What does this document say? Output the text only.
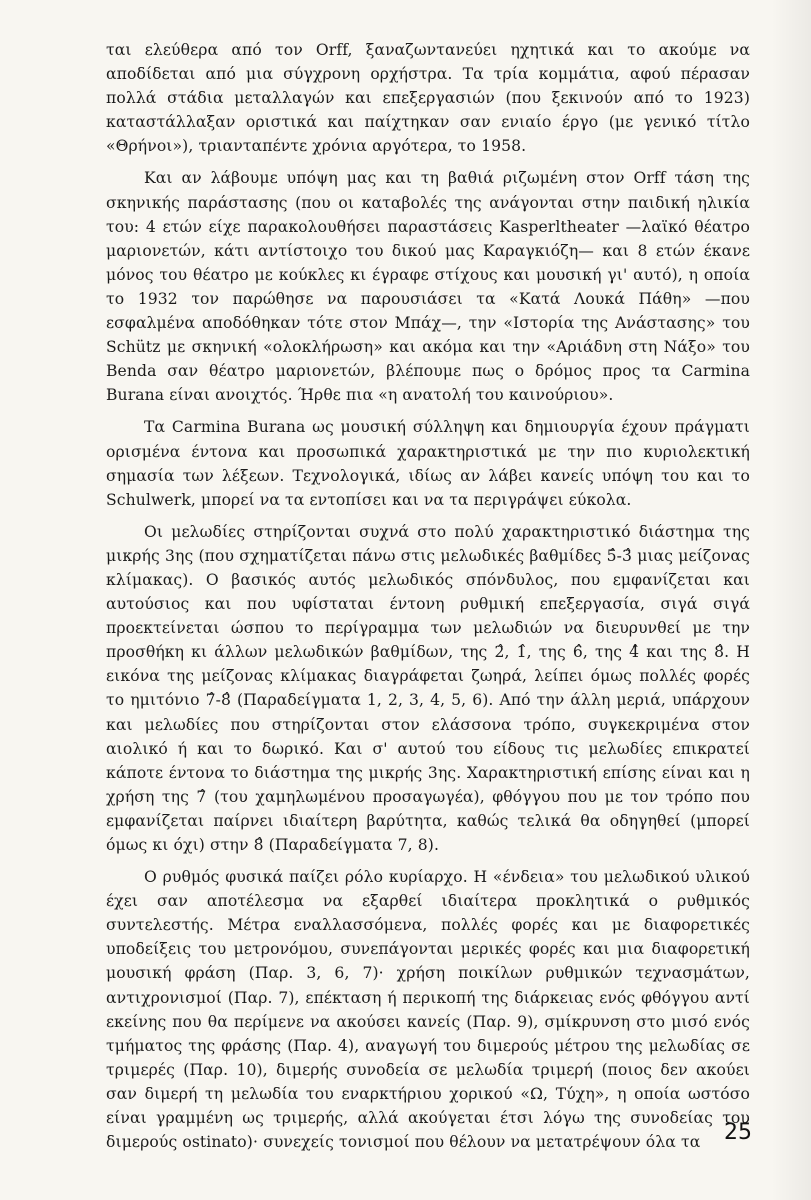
ται ελεύθερα από τον Orff, ξαναζωντανεύει ηχητικά και το ακούμε να αποδίδεται από μια σύγχρονη ορχήστρα. Τα τρία κομμάτια, αφού πέρασαν πολλά στάδια μεταλλαγών και επεξεργασιών (που ξεκινούν από το 1923) καταστάλλαξαν οριστικά και παίχτηκαν σαν ενιαίο έργο (με γενικό τίτλο «Θρήνοι»), τριανταπέντε χρόνια αργότερα, το 1958.

Και αν λάβουμε υπόψη μας και τη βαθιά ριζωμένη στον Orff τάση της σκηνικής παράστασης (που οι καταβολές της ανάγονται στην παιδική ηλικία του: 4 ετών είχε παρακολουθήσει παραστάσεις Kasperltheater —λαϊκό θέατρο μαριονετών, κάτι αντίστοιχο του δικού μας Καραγκιόζη— και 8 ετών έκανε μόνος του θέατρο με κούκλες κι έγραφε στίχους και μουσική γι' αυτό), η οποία το 1932 τον παρώθησε να παρουσιάσει τα «Κατά Λουκά Πάθη» —που εσφαλμένα αποδόθηκαν τότε στον Μπάχ—, την «Ιστορία της Ανάστασης» του Schütz με σκηνική «ολοκλήρωση» και ακόμα και την «Αριάδνη στη Νάξο» του Benda σαν θέατρο μαριονετών, βλέπουμε πως ο δρόμος προς τα Carmina Burana είναι ανοιχτός. Ήρθε πια «η ανατολή του καινούριου».

Τα Carmina Burana ως μουσική σύλληψη και δημιουργία έχουν πράγματι ορισμένα έντονα και προσωπικά χαρακτηριστικά με την πιο κυριολεκτική σημασία των λέξεων. Τεχνολογικά, ιδίως αν λάβει κανείς υπόψη του και το Schulwerk, μπορεί να τα εντοπίσει και να τα περιγράψει εύκολα.

Οι μελωδίες στηρίζονται συχνά στο πολύ χαρακτηριστικό διάστημα της μικρής 3ης (που σχηματίζεται πάνω στις μελωδικές βαθμίδες 5̂-3̂ μιας μείζονας κλίμακας). Ο βασικός αυτός μελωδικός σπόνδυλος, που εμφανίζεται και αυτούσιος και που υφίσταται έντονη ρυθμική επεξεργασία, σιγά σιγά προεκτείνεται ώσπου το περίγραμμα των μελωδιών να διευρυνθεί με την προσθήκη κι άλλων μελωδικών βαθμίδων, της 2̂, 1̂, της 6̂, της 4̂ και της 8̂. Η εικόνα της μείζονας κλίμακας διαγράφεται ζωηρά, λείπει όμως πολλές φορές το ημιτόνιο 7̂-8̂ (Παραδείγματα 1, 2, 3, 4, 5, 6). Από την άλλη μεριά, υπάρχουν και μελωδίες που στηρίζονται στον ελάσσονα τρόπο, συγκεκριμένα στον αιολικό ή και το δωρικό. Και σ' αυτού του είδους τις μελωδίες επικρατεί κάποτε έντονα το διάστημα της μικρής 3ης. Χαρακτηριστική επίσης είναι και η χρήση της 7̂ (του χαμηλωμένου προσαγωγέα), φθόγγου που με τον τρόπο που εμφανίζεται παίρνει ιδιαίτερη βαρύτητα, καθώς τελικά θα οδηγηθεί (μπορεί όμως κι όχι) στην 8̂ (Παραδείγματα 7, 8).

Ο ρυθμός φυσικά παίζει ρόλο κυρίαρχο. Η «ένδεια» του μελωδικού υλικού έχει σαν αποτέλεσμα να εξαρθεί ιδιαίτερα προκλητικά ο ρυθμικός συντελεστής. Μέτρα εναλλασσόμενα, πολλές φορές και με διαφορετικές υποδείξεις του μετρονόμου, συνεπάγονται μερικές φορές και μια διαφορετική μουσική φράση (Παρ. 3, 6, 7)· χρήση ποικίλων ρυθμικών τεχνασμάτων, αντιχρονισμοί (Παρ. 7), επέκταση ή περικοπή της διάρκειας ενός φθόγγου αντί εκείνης που θα περίμενε να ακούσει κανείς (Παρ. 9), σμίκρυνση στο μισό ενός τμήματος της φράσης (Παρ. 4), αναγωγή του διμερούς μέτρου της μελωδίας σε τριμερές (Παρ. 10), διμερής συνοδεία σε μελωδία τριμερή (ποιος δεν ακούει σαν διμερή τη μελωδία του εναρκτήριου χορικού «Ω, Τύχη», η οποία ωστόσο είναι γραμμένη ως τριμερής, αλλά ακούγεται έτσι λόγω της συνοδείας του διμερούς ostinato)· συνεχείς τονισμοί που θέλουν να μετατρέψουν όλα τα	25
